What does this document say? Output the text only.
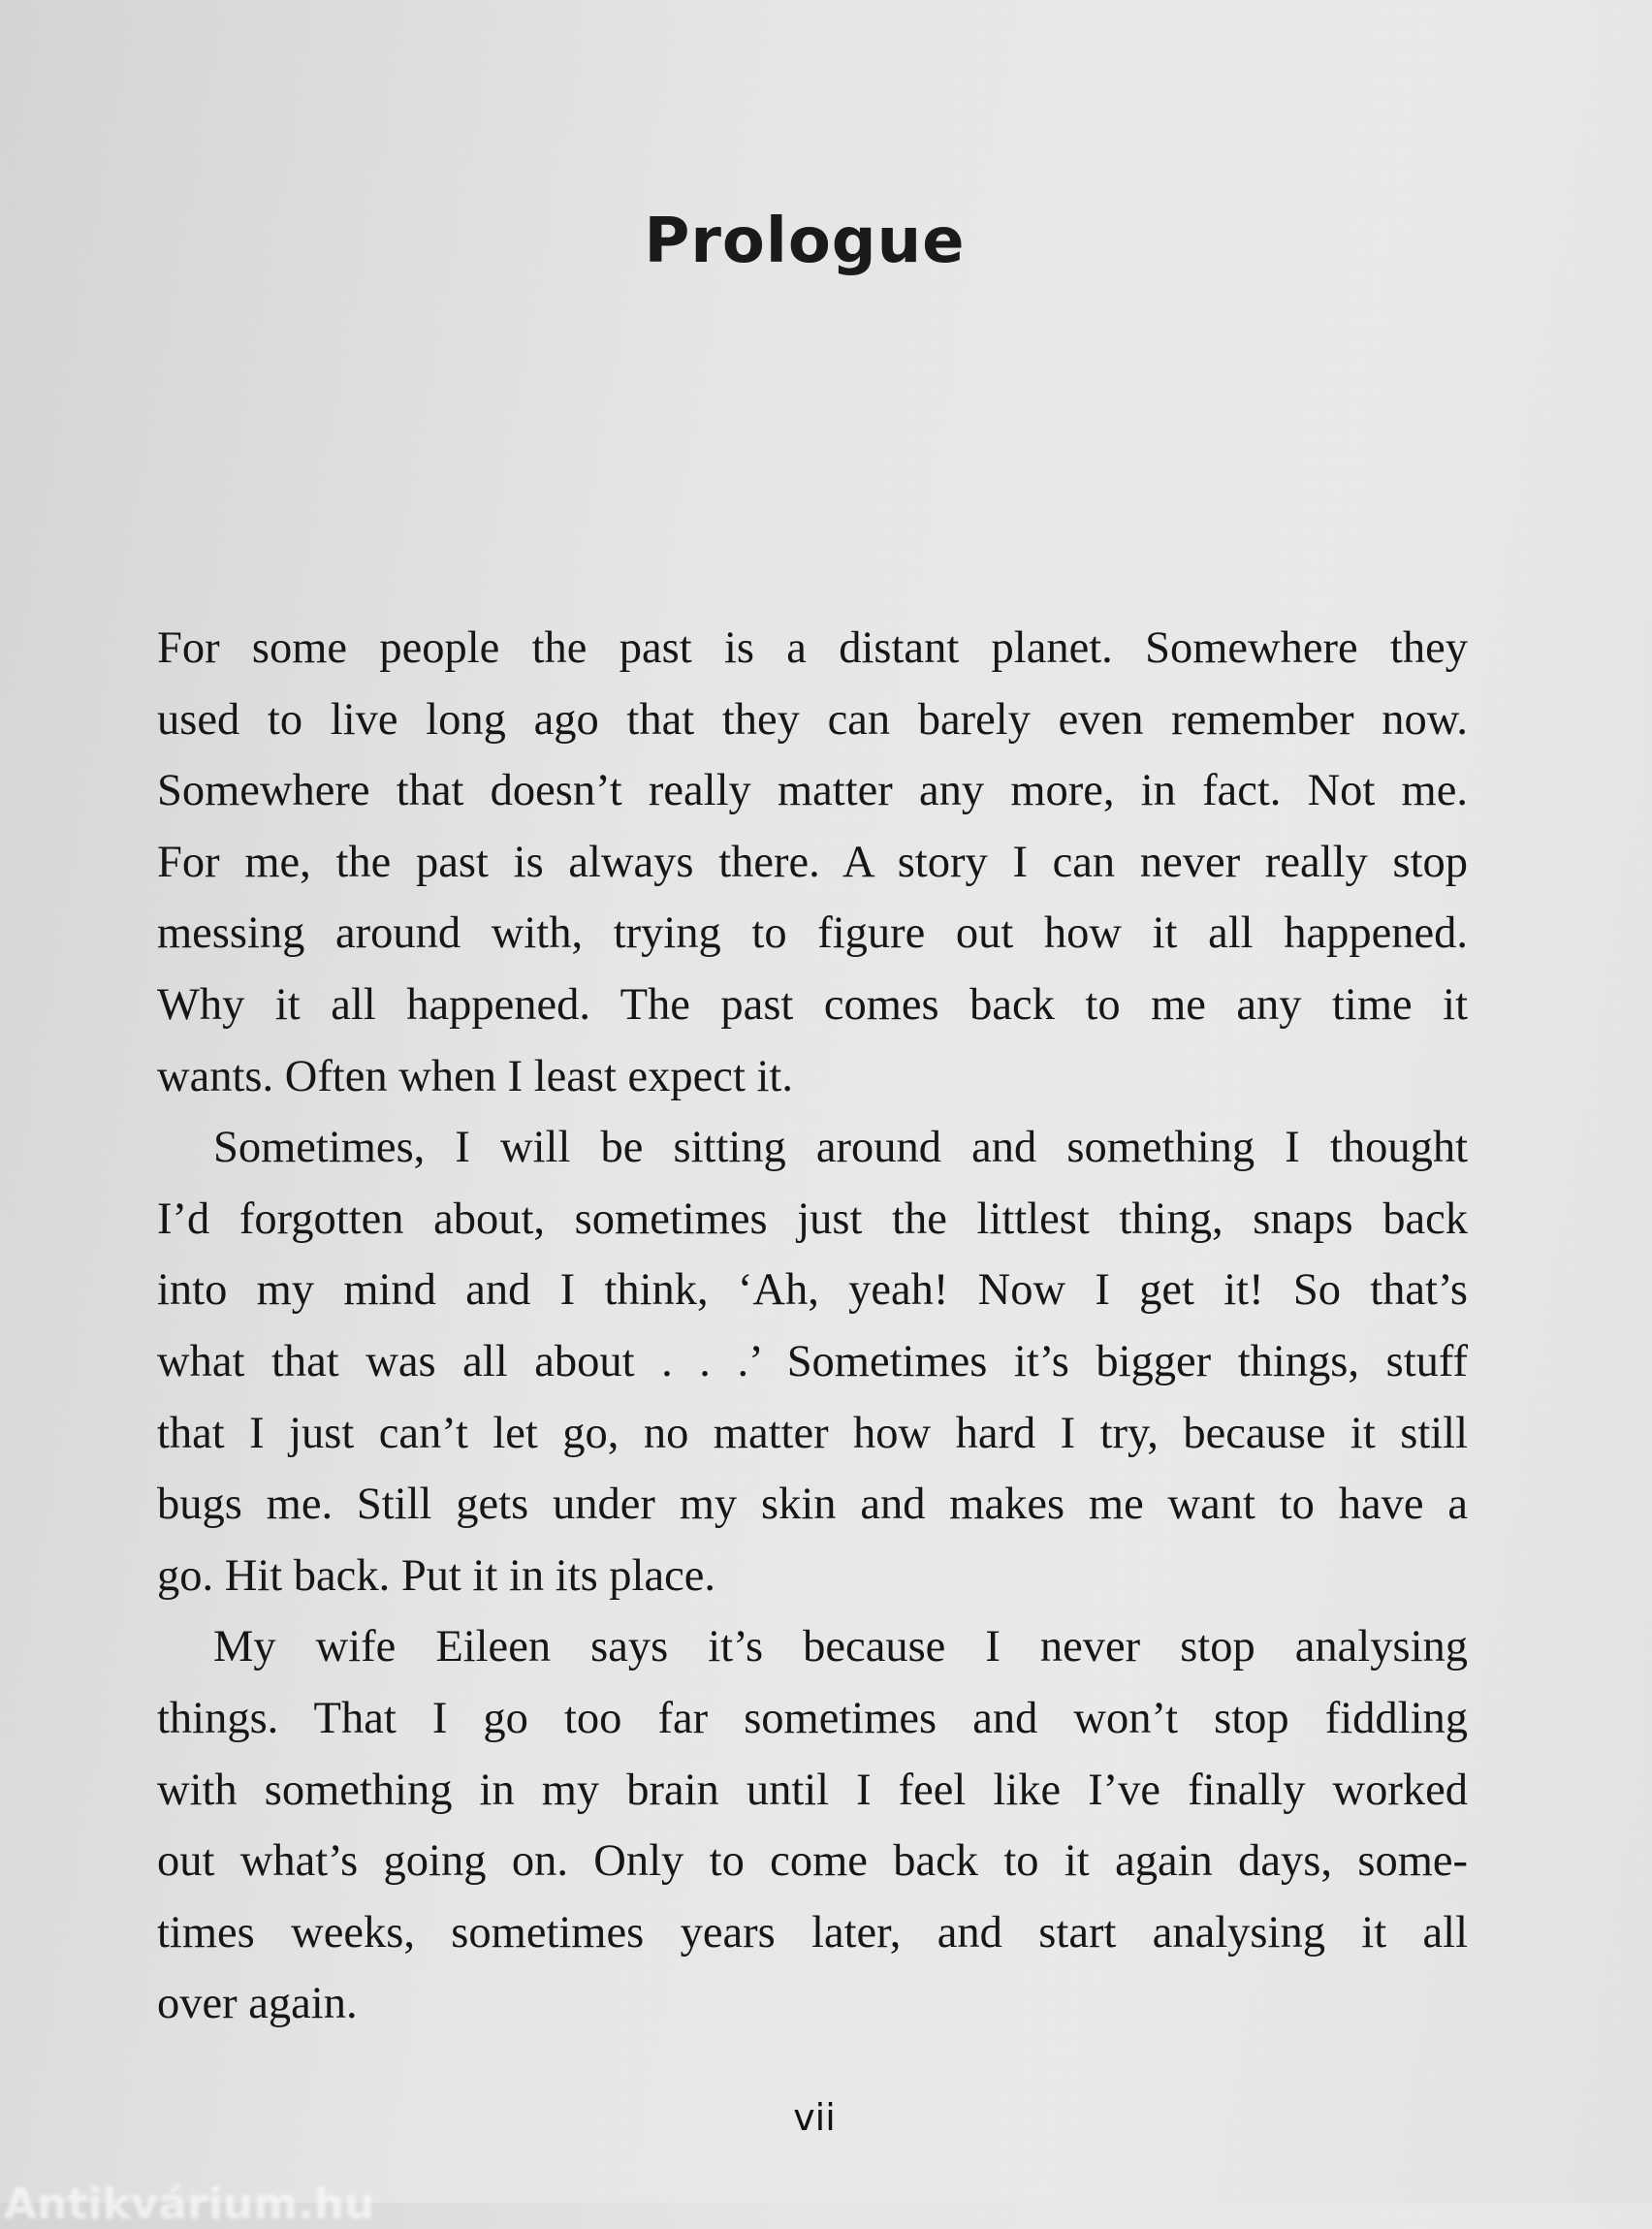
Prologue
For some people the past is a distant planet. Somewhere they
used to live long ago that they can barely even remember now.
Somewhere that doesn’t really matter any more, in fact. Not me.
For me, the past is always there. A story I can never really stop
messing around with, trying to figure out how it all happened.
Why it all happened. The past comes back to me any time it
wants. Often when I least expect it.
Sometimes, I will be sitting around and something I thought
I’d forgotten about, sometimes just the littlest thing, snaps back
into my mind and I think, ‘Ah, yeah! Now I get it! So that’s
what that was all about . . .’ Sometimes it’s bigger things, stuff
that I just can’t let go, no matter how hard I try, because it still
bugs me. Still gets under my skin and makes me want to have a
go. Hit back. Put it in its place.
My wife Eileen says it’s because I never stop analysing
things. That I go too far sometimes and won’t stop fiddling
with something in my brain until I feel like I’ve finally worked
out what’s going on. Only to come back to it again days, some-
times weeks, sometimes years later, and start analysing it all
over again.
vii
Antikvárium.hu
